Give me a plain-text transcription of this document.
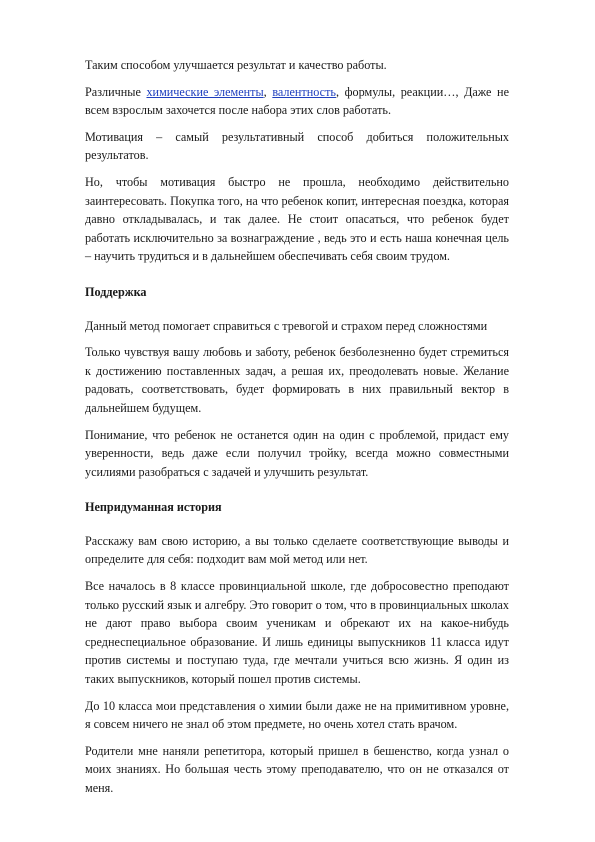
Таким способом улучшается результат и качество работы.

Различные химические элементы, валентность, формулы, реакции…, Даже не всем взрослым захочется после набора этих слов работать.

Мотивация – самый результативный способ добиться положительных результатов.

Но, чтобы мотивация быстро не прошла, необходимо действительно заинтересовать. Покупка того, на что ребенок копит, интересная поездка, которая давно откладывалась, и так далее. Не стоит опасаться, что ребенок будет работать исключительно за вознаграждение , ведь это и есть наша конечная цель – научить трудиться и в дальнейшем обеспечивать себя своим трудом.

Поддержка

Данный метод помогает справиться с тревогой и страхом перед сложностями

Только чувствуя вашу любовь и заботу, ребенок безболезненно будет стремиться к достижению поставленных задач, а решая их, преодолевать новые. Желание радовать, соответствовать, будет формировать в них правильный вектор в дальнейшем будущем.

Понимание, что ребенок не останется один на один с проблемой, придаст ему уверенности, ведь даже если получил тройку, всегда можно совместными усилиями разобраться с задачей и улучшить результат.

Непридуманная история

Расскажу вам свою историю, а вы только сделаете соответствующие выводы и определите для себя: подходит вам мой метод или нет.

Все началось в 8 классе провинциальной школе, где добросовестно преподают только русский язык и алгебру. Это говорит о том, что в провинциальных школах не дают право выбора своим ученикам и обрекают их на какое-нибудь среднеспециальное образование. И лишь единицы выпускников 11 класса идут против системы и поступаю туда, где мечтали учиться всю жизнь. Я один из таких выпускников, который пошел против системы.

До 10 класса мои представления о химии были даже не на примитивном уровне, я совсем ничего не знал об этом предмете, но очень хотел стать врачом.

Родители мне наняли репетитора, который пришел в бешенство, когда узнал о моих знаниях. Но большая честь этому преподавателю, что он не отказался от меня.
